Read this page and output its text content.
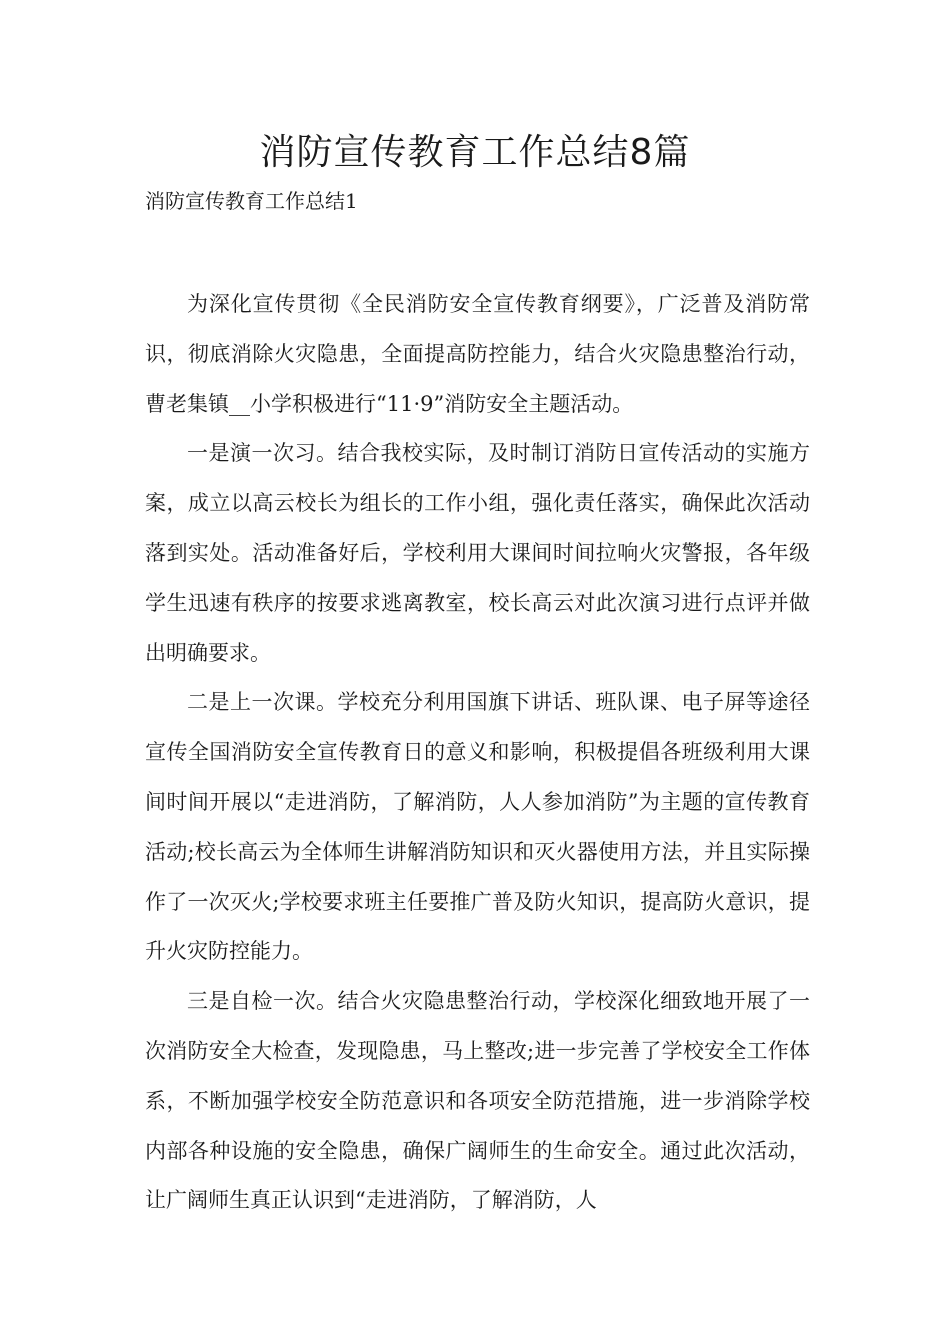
消防宣传教育工作总结8篇
消防宣传教育工作总结1

为深化宣传贯彻《全民消防安全宣传教育纲要》，广泛普及消防常识，彻底消除火灾隐患，全面提高防控能力，结合火灾隐患整治行动，曹老集镇__小学积极进行“11·9”消防安全主题活动。

一是演一次习。结合我校实际，及时制订消防日宣传活动的实施方案，成立以高云校长为组长的工作小组，强化责任落实，确保此次活动落到实处。活动准备好后，学校利用大课间时间拉响火灾警报，各年级学生迅速有秩序的按要求逃离教室，校长高云对此次演习进行点评并做出明确要求。

二是上一次课。学校充分利用国旗下讲话、班队课、电子屏等途径宣传全国消防安全宣传教育日的意义和影响，积极提倡各班级利用大课间时间开展以“走进消防，了解消防，人人参加消防”为主题的宣传教育活动;校长高云为全体师生讲解消防知识和灭火器使用方法，并且实际操作了一次灭火;学校要求班主任要推广普及防火知识，提高防火意识，提升火灾防控能力。

三是自检一次。结合火灾隐患整治行动，学校深化细致地开展了一次消防安全大检查，发现隐患，马上整改;进一步完善了学校安全工作体系，不断加强学校安全防范意识和各项安全防范措施，进一步消除学校内部各种设施的安全隐患，确保广阔师生的生命安全。通过此次活动，让广阔师生真正认识到“走进消防，了解消防，人
